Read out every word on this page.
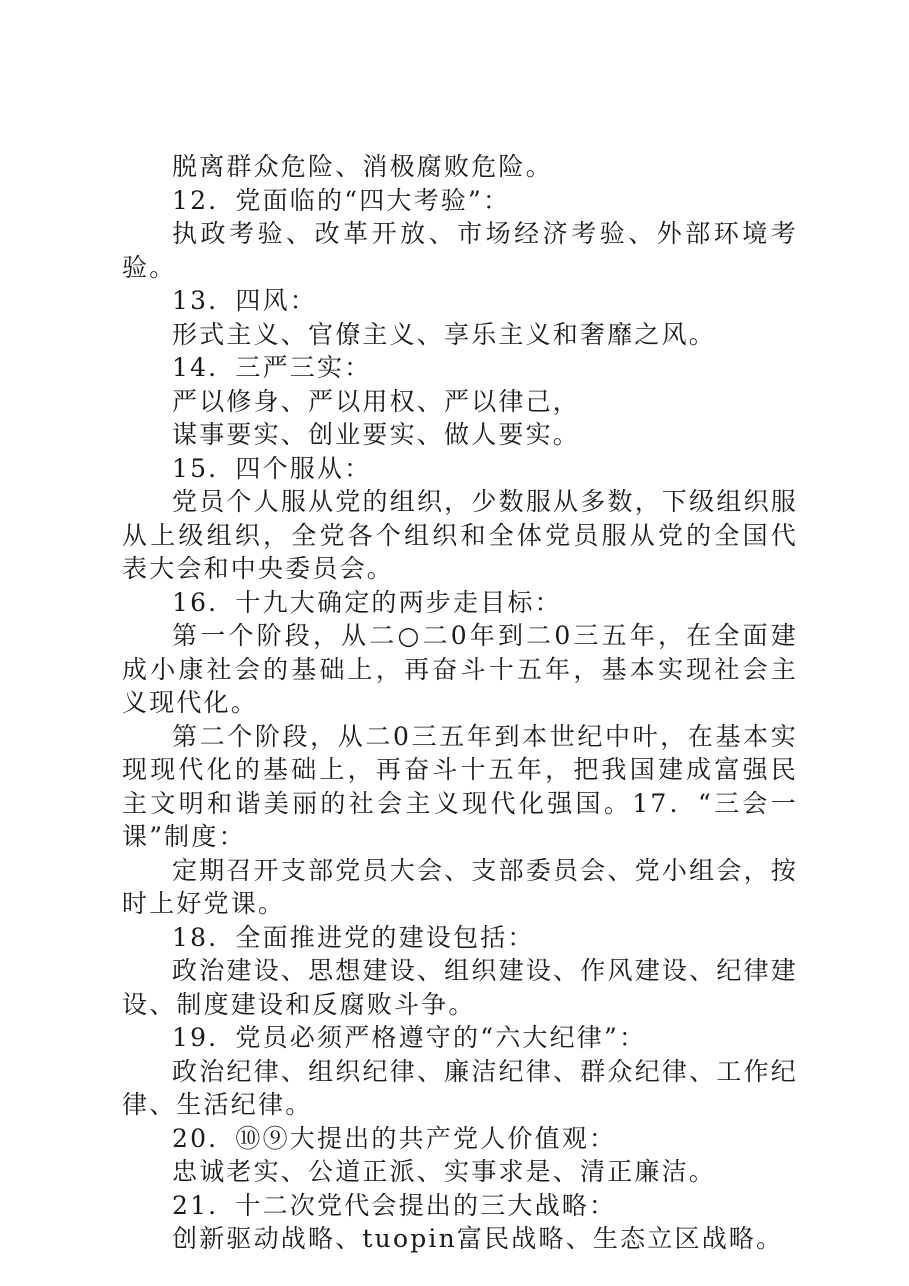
脱离群众危险、消极腐败危险。

12．党面临的“四大考验”：

执政考验、改革开放、市场经济考验、外部环境考验。

13．四风：

形式主义、官僚主义、享乐主义和奢靡之风。

14．三严三实：

严以修身、严以用权、严以律己，

谋事要实、创业要实、做人要实。

15．四个服从：

党员个人服从党的组织，少数服从多数，下级组织服从上级组织，全党各个组织和全体党员服从党的全国代表大会和中央委员会。

16．十九大确定的两步走目标：

第一个阶段，从二○二0年到二0三五年，在全面建成小康社会的基础上，再奋斗十五年，基本实现社会主义现代化。

第二个阶段，从二0三五年到本世纪中叶，在基本实现现代化的基础上，再奋斗十五年，把我国建成富强民主文明和谐美丽的社会主义现代化强国。17．“三会一课”制度：

定期召开支部党员大会、支部委员会、党小组会，按时上好党课。

18．全面推进党的建设包括：

政治建设、思想建设、组织建设、作风建设、纪律建设、制度建设和反腐败斗争。

19．党员必须严格遵守的“六大纪律”：

政治纪律、组织纪律、廉洁纪律、群众纪律、工作纪律、生活纪律。

20．⑩⑨大提出的共产党人价值观：

忠诚老实、公道正派、实事求是、清正廉洁。

21．十二次党代会提出的三大战略：

创新驱动战略、tuopin富民战略、生态立区战略。
